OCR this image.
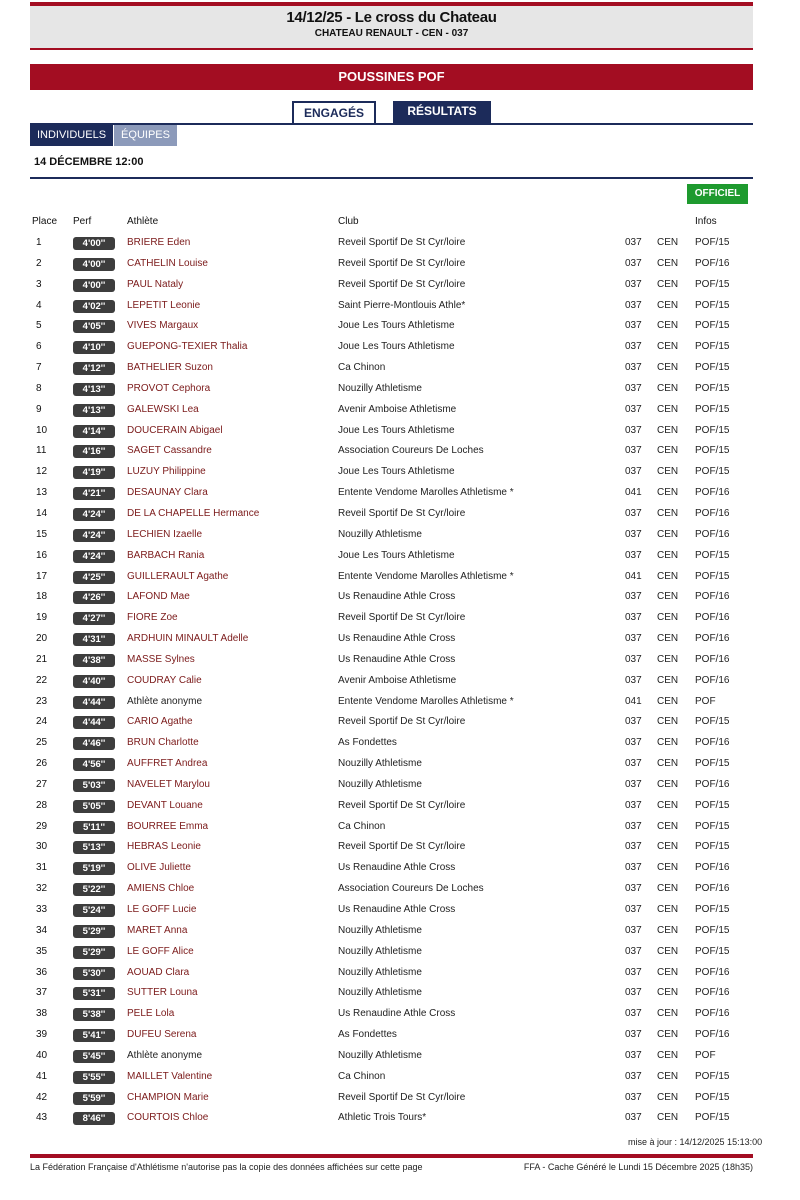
14/12/25 - Le cross du Chateau
CHATEAU RENAULT - CEN - 037
POUSSINES POF
ENGAGÉS	RÉSULTATS
INDIVIDUELS	ÉQUIPES
14 DÉCEMBRE 12:00
OFFICIEL
Place Perf	Athlète	Club	Infos
1	4'00''	BRIERE Eden	Reveil Sportif De St Cyr/loire	037 CEN POF/15
2	4'00''	CATHELIN Louise	Reveil Sportif De St Cyr/loire	037 CEN POF/16
3	4'00''	PAUL Nataly	Reveil Sportif De St Cyr/loire	037 CEN POF/15
4	4'02''	LEPETIT Leonie	Saint Pierre-Montlouis Athle*	037 CEN POF/15
5	4'05''	VIVES Margaux	Joue Les Tours Athletisme	037 CEN POF/15
6	4'10''	GUEPONG-TEXIER Thalia	Joue Les Tours Athletisme	037 CEN POF/15
7	4'12''	BATHELIER Suzon	Ca Chinon	037 CEN POF/15
8	4'13''	PROVOT Cephora	Nouzilly Athletisme	037 CEN POF/15
9	4'13''	GALEWSKI Lea	Avenir Amboise Athletisme	037 CEN POF/15
10	4'14''	DOUCERAIN Abigael	Joue Les Tours Athletisme	037 CEN POF/15
11	4'16''	SAGET Cassandre	Association Coureurs De Loches	037 CEN POF/15
12	4'19''	LUZUY Philippine	Joue Les Tours Athletisme	037 CEN POF/15
13	4'21''	DESAUNAY Clara	Entente Vendome Marolles Athletisme *	041 CEN POF/16
14	4'24''	DE LA CHAPELLE Hermance	Reveil Sportif De St Cyr/loire	037 CEN POF/16
15	4'24''	LECHIEN Izaelle	Nouzilly Athletisme	037 CEN POF/16
16	4'24''	BARBACH Rania	Joue Les Tours Athletisme	037 CEN POF/15
17	4'25''	GUILLERAULT Agathe	Entente Vendome Marolles Athletisme *	041 CEN POF/15
18	4'26''	LAFOND Mae	Us Renaudine Athle Cross	037 CEN POF/16
19	4'27''	FIORE Zoe	Reveil Sportif De St Cyr/loire	037 CEN POF/16
20	4'31''	ARDHUIN MINAULT Adelle	Us Renaudine Athle Cross	037 CEN POF/16
21	4'38''	MASSE Sylnes	Us Renaudine Athle Cross	037 CEN POF/16
22	4'40''	COUDRAY Calie	Avenir Amboise Athletisme	037 CEN POF/16
23	4'44''	Athlète anonyme	Entente Vendome Marolles Athletisme *	041 CEN POF
24	4'44''	CARIO Agathe	Reveil Sportif De St Cyr/loire	037 CEN POF/15
25	4'46''	BRUN Charlotte	As Fondettes	037 CEN POF/16
26	4'56''	AUFFRET Andrea	Nouzilly Athletisme	037 CEN POF/15
27	5'03''	NAVELET Marylou	Nouzilly Athletisme	037 CEN POF/16
28	5'05''	DEVANT Louane	Reveil Sportif De St Cyr/loire	037 CEN POF/15
29	5'11''	BOURREE Emma	Ca Chinon	037 CEN POF/15
30	5'13''	HEBRAS Leonie	Reveil Sportif De St Cyr/loire	037 CEN POF/15
31	5'19''	OLIVE Juliette	Us Renaudine Athle Cross	037 CEN POF/16
32	5'22''	AMIENS Chloe	Association Coureurs De Loches	037 CEN POF/16
33	5'24''	LE GOFF Lucie	Us Renaudine Athle Cross	037 CEN POF/15
34	5'29''	MARET Anna	Nouzilly Athletisme	037 CEN POF/15
35	5'29''	LE GOFF Alice	Nouzilly Athletisme	037 CEN POF/15
36	5'30''	AOUAD Clara	Nouzilly Athletisme	037 CEN POF/16
37	5'31''	SUTTER Louna	Nouzilly Athletisme	037 CEN POF/16
38	5'38''	PELE Lola	Us Renaudine Athle Cross	037 CEN POF/16
39	5'41''	DUFEU Serena	As Fondettes	037 CEN POF/16
40	5'45''	Athlète anonyme	Nouzilly Athletisme	037 CEN POF
41	5'55''	MAILLET Valentine	Ca Chinon	037 CEN POF/15
42	5'59''	CHAMPION Marie	Reveil Sportif De St Cyr/loire	037 CEN POF/15
43	8'46''	COURTOIS Chloe	Athletic Trois Tours*	037 CEN POF/15
mise à jour : 14/12/2025 15:13:00
La Fédération Française d'Athlétisme n'autorise pas la copie des données affichées sur cette page	FFA - Cache Généré le Lundi 15 Décembre 2025 (18h35)
